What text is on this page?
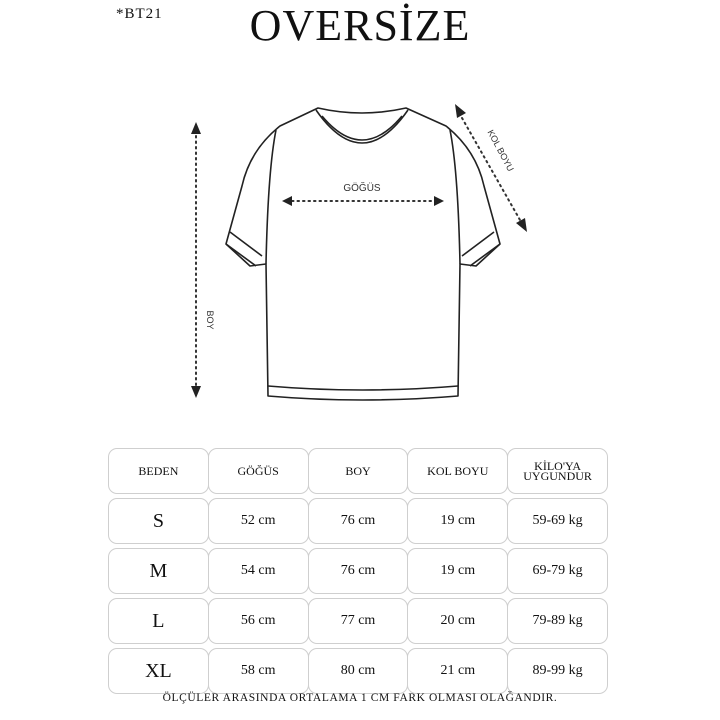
*BT21	OVERSİZE
GÖĞÜS
BOY
KOL BOYU
BEDEN	GÖĞÜS	BOY	KOL BOYU	KİLO'YA
UYGUNDUR
S	52 cm	76 cm	19 cm	59-69 kg
M	54 cm	76 cm	19 cm	69-79 kg
L	56 cm	77 cm	20 cm	79-89 kg
XL	58 cm	80 cm	21 cm	89-99 kg
ÖLÇÜLER ARASINDA ORTALAMA 1 CM FARK OLMASI OLAĞANDIR.
